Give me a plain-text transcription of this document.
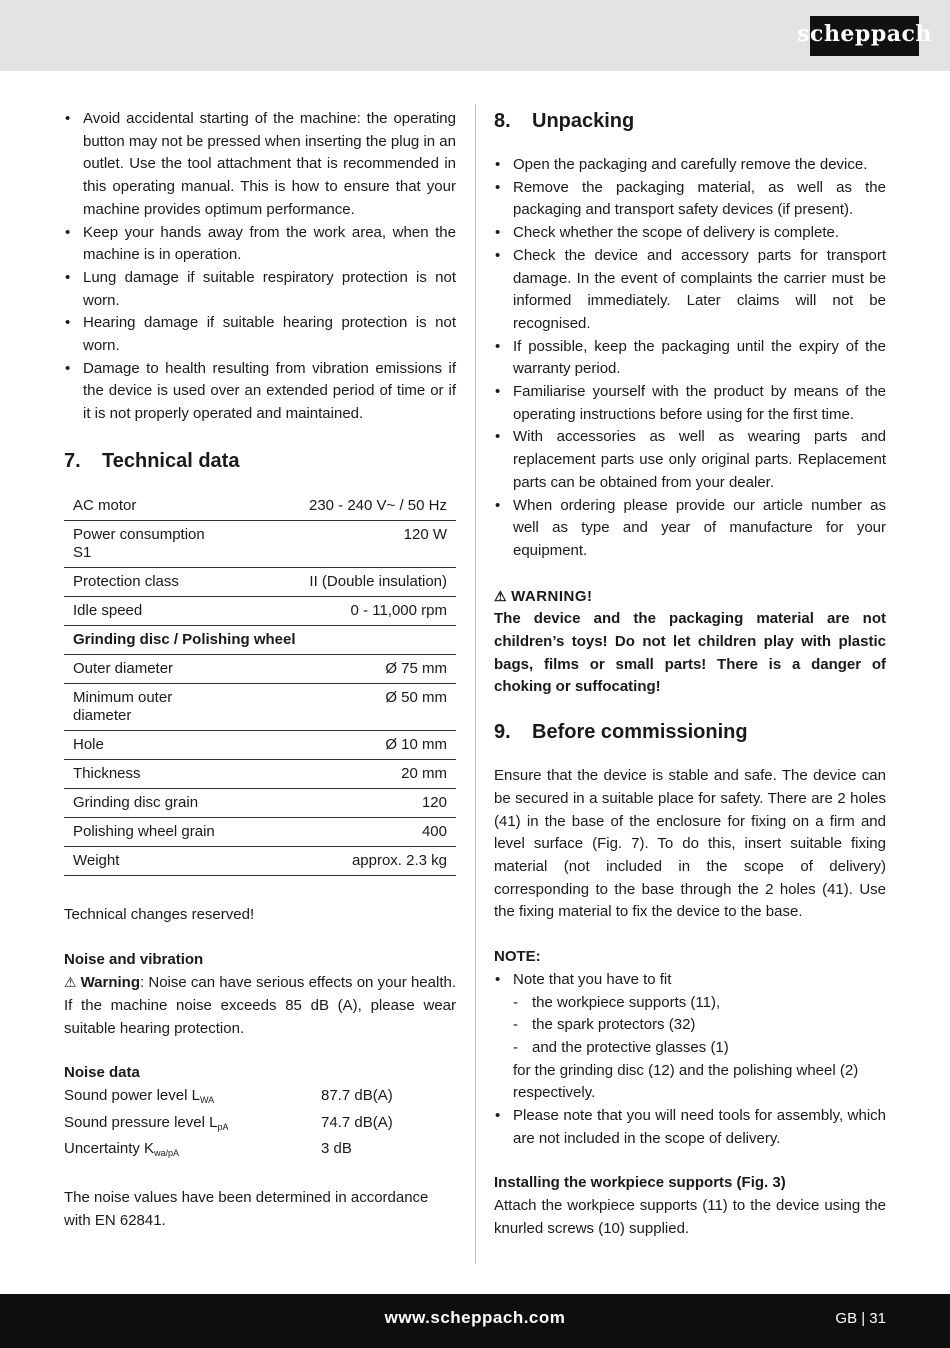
scheppach
• Avoid accidental starting of the machine: the operating button may not be pressed when inserting the plug in an outlet. Use the tool attachment that is recommended in this operating manual. This is how to ensure that your machine provides optimum performance.
• Keep your hands away from the work area, when the machine is in operation.
• Lung damage if suitable respiratory protection is not worn.
• Hearing damage if suitable hearing protection is not worn.
• Damage to health resulting from vibration emissions if the device is used over an extended period of time or if it is not properly operated and maintained.
7. Technical data
AC motor	230 - 240 V~ / 50 Hz
Power consumption S1	120 W
Protection class	II (Double insulation)
Idle speed	0 - 11,000 rpm
Grinding disc / Polishing wheel	
Outer diameter	Ø 75 mm
Minimum outer diameter	Ø 50 mm
Hole	Ø 10 mm
Thickness	20 mm
Grinding disc grain	120
Polishing wheel grain	400
Weight	approx. 2.3 kg

Technical changes reserved!

Noise and vibration

⚠ Warning: Noise can have serious effects on your health. If the machine noise exceeds 85 dB (A), please wear suitable hearing protection.

Noise data

Sound power level $L_{WA}$	87.7 dB(A)
Sound pressure level $L_{pA}$	74.7 dB(A)
Uncertainty $K_{wa/pA}$	3 dB

The noise values have been determined in accordance with EN 62841.

8. Unpacking
• Open the packaging and carefully remove the device.
• Remove the packaging material, as well as the packaging and transport safety devices (if present).
• Check whether the scope of delivery is complete.
• Check the device and accessory parts for transport damage. In the event of complaints the carrier must be informed immediately. Later claims will not be recognised.
• If possible, keep the packaging until the expiry of the warranty period.
• Familiarise yourself with the product by means of the operating instructions before using for the first time.
• With accessories as well as wearing parts and replacement parts use only original parts. Replacement parts can be obtained from your dealer.
• When ordering please provide our article number as well as type and year of manufacture for your equipment.

⚠ WARNING!

The device and the packaging material are not children’s toys! Do not let children play with plastic bags, films or small parts! There is a danger of choking or suffocating!

9. Before commissioning

Ensure that the device is stable and safe. The device can be secured in a suitable place for safety. There are 2 holes (41) in the base of the enclosure for fixing on a firm and level surface (Fig. 7). To do this, insert suitable fixing material (not included in the scope of delivery) corresponding to the base through the 2 holes (41). Use the fixing material to fix the device to the base.

NOTE:

• Note that you have to fit
- the workpiece supports (11),
- the spark protectors (32)
- and the protective glasses (1)

for the grinding disc (12) and the polishing wheel (2) respectively.

• Please note that you will need tools for assembly, which are not included in the scope of delivery.

Installing the workpiece supports (Fig. 3)

Attach the workpiece supports (11) to the device using the knurled screws (10) supplied.

www.scheppach.com	GB | 31
